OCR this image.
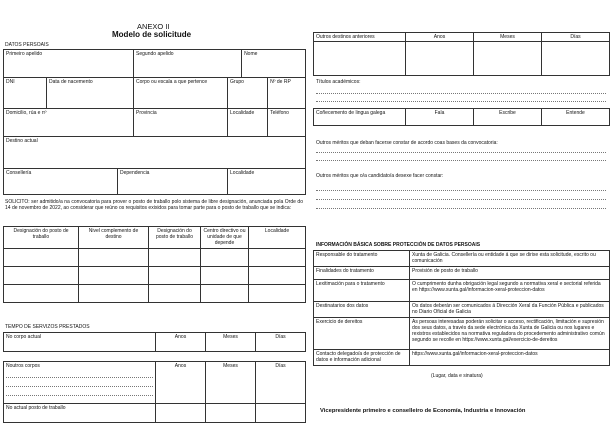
ANEXO II
Modelo de solicitude
DATOS PERSOAIS
Primeiro apelido			Segundo apelido		Nome	
DNI	Data de nacemento		Corpo ou escala a que pertence	Grupo		Nº de RP
Domicilio, rúa e nº			Provincia	Localidade		Teléfono
Destino actual						
Consellería		Dependencia		Localidade		
SOLICITO: ser admitido/a na convocatoria para prover o posto de traballo polo sistema de libre designación, anunciada pola Orde do 14 de novembro de 2022, ao considerar que reúno os requisitos exixidos para tomar parte para o posto de traballo que se indica:
Designación do posto de traballo	Nivel complemento de destino	Designación do posto de traballo	Centro directivo ou unidade de que depende	Localidade

TEMPO DE SERVIZOS PRESTADOS
No corpo actual	Anos	Meses	Días
Noutros corpos	Anos	Meses	Días
No actual posto de traballo			
Outros destinos anteriores	Anos	Meses	Días

Títulos académicos:
Coñecemento de lingua galega	Fala	Escribe	Entende
Outros méritos que deban facerse constar de acordo coas bases da convocatoria:
Outros méritos que o/a candidato/a desexe facer constar:
INFORMACIÓN BÁSICA SOBRE PROTECCIÓN DE DATOS PERSOAIS
Responsable do tratamento	Xunta de Galicia. Consellería ou entidade á que se dirixe esta solicitude, escrito ou comunicación
Finalidades do tratamento	Provisión de posto de traballo
Lexitimación para o tratamento	O cumprimento dunha obrigación legal segundo a normativa xeral e sectorial referida en https://www.xunta.gal/informacion-xeral-proteccion-datos
Destinatarios dos datos	Os datos deberán ser comunicados á Dirección Xeral da Función Pública e publicados no Diario Oficial de Galicia
Exercicio de dereitos	As persoas interesadas poderán solicitar o acceso, rectificación, limitación e supresión dos seus datos, a través da sede electrónica da Xunta de Galicia ou nos lugares e rexistros establecidos na normativa reguladora do procedemento administrativo común segundo se recolle en https://www.xunta.gal/exercicio-de-dereitos
Contacto delegado/a de protección de datos e información adicional	https://www.xunta.gal/informacion-xeral-proteccion-datos
(Lugar, data e sinatura)
Vicepresidente primeiro e conselleiro de Economía, Industria e Innovación
